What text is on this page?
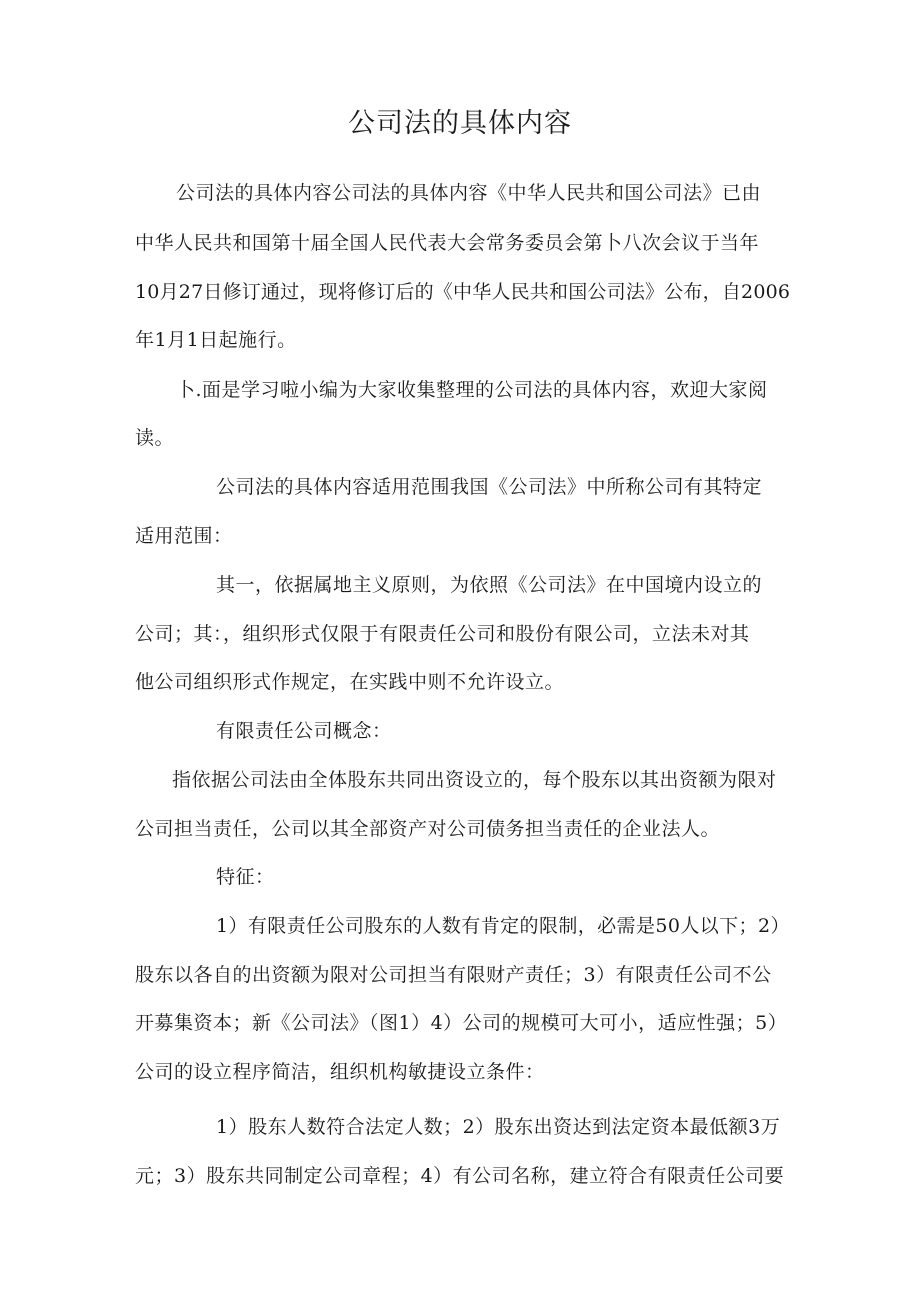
公司法的具体内容
公司法的具体内容公司法的具体内容《中华人民共和国公司法》已由
中华人民共和国第十届全国人民代表大会常务委员会第卜八次会议于当年
10月27日修订通过，现将修订后的《中华人民共和国公司法》公布，自2006
年1月1日起施行。
卜.面是学习啦小编为大家收集整理的公司法的具体内容，欢迎大家阅
读。
公司法的具体内容适用范围我国《公司法》中所称公司有其特定
适用范围：
其一，依据属地主义原则，为依照《公司法》在中国境内设立的
公司；其：，组织形式仅限于有限责任公司和股份有限公司，立法未对其
他公司组织形式作规定，在实践中则不允许设立。
有限责任公司概念：
指依据公司法由全体股东共同出资设立的，每个股东以其出资额为限对
公司担当责任，公司以其全部资产对公司债务担当责任的企业法人。
特征：
1）有限责任公司股东的人数有肯定的限制，必需是50人以下；2）
股东以各自的出资额为限对公司担当有限财产责任；3）有限责任公司不公
开募集资本；新《公司法》（图1）4）公司的规模可大可小，适应性强；5）
公司的设立程序简洁，组织机构敏捷设立条件：
1）股东人数符合法定人数；2）股东出资达到法定资本最低额3万
元；3）股东共同制定公司章程；4）有公司名称，建立符合有限责任公司要
